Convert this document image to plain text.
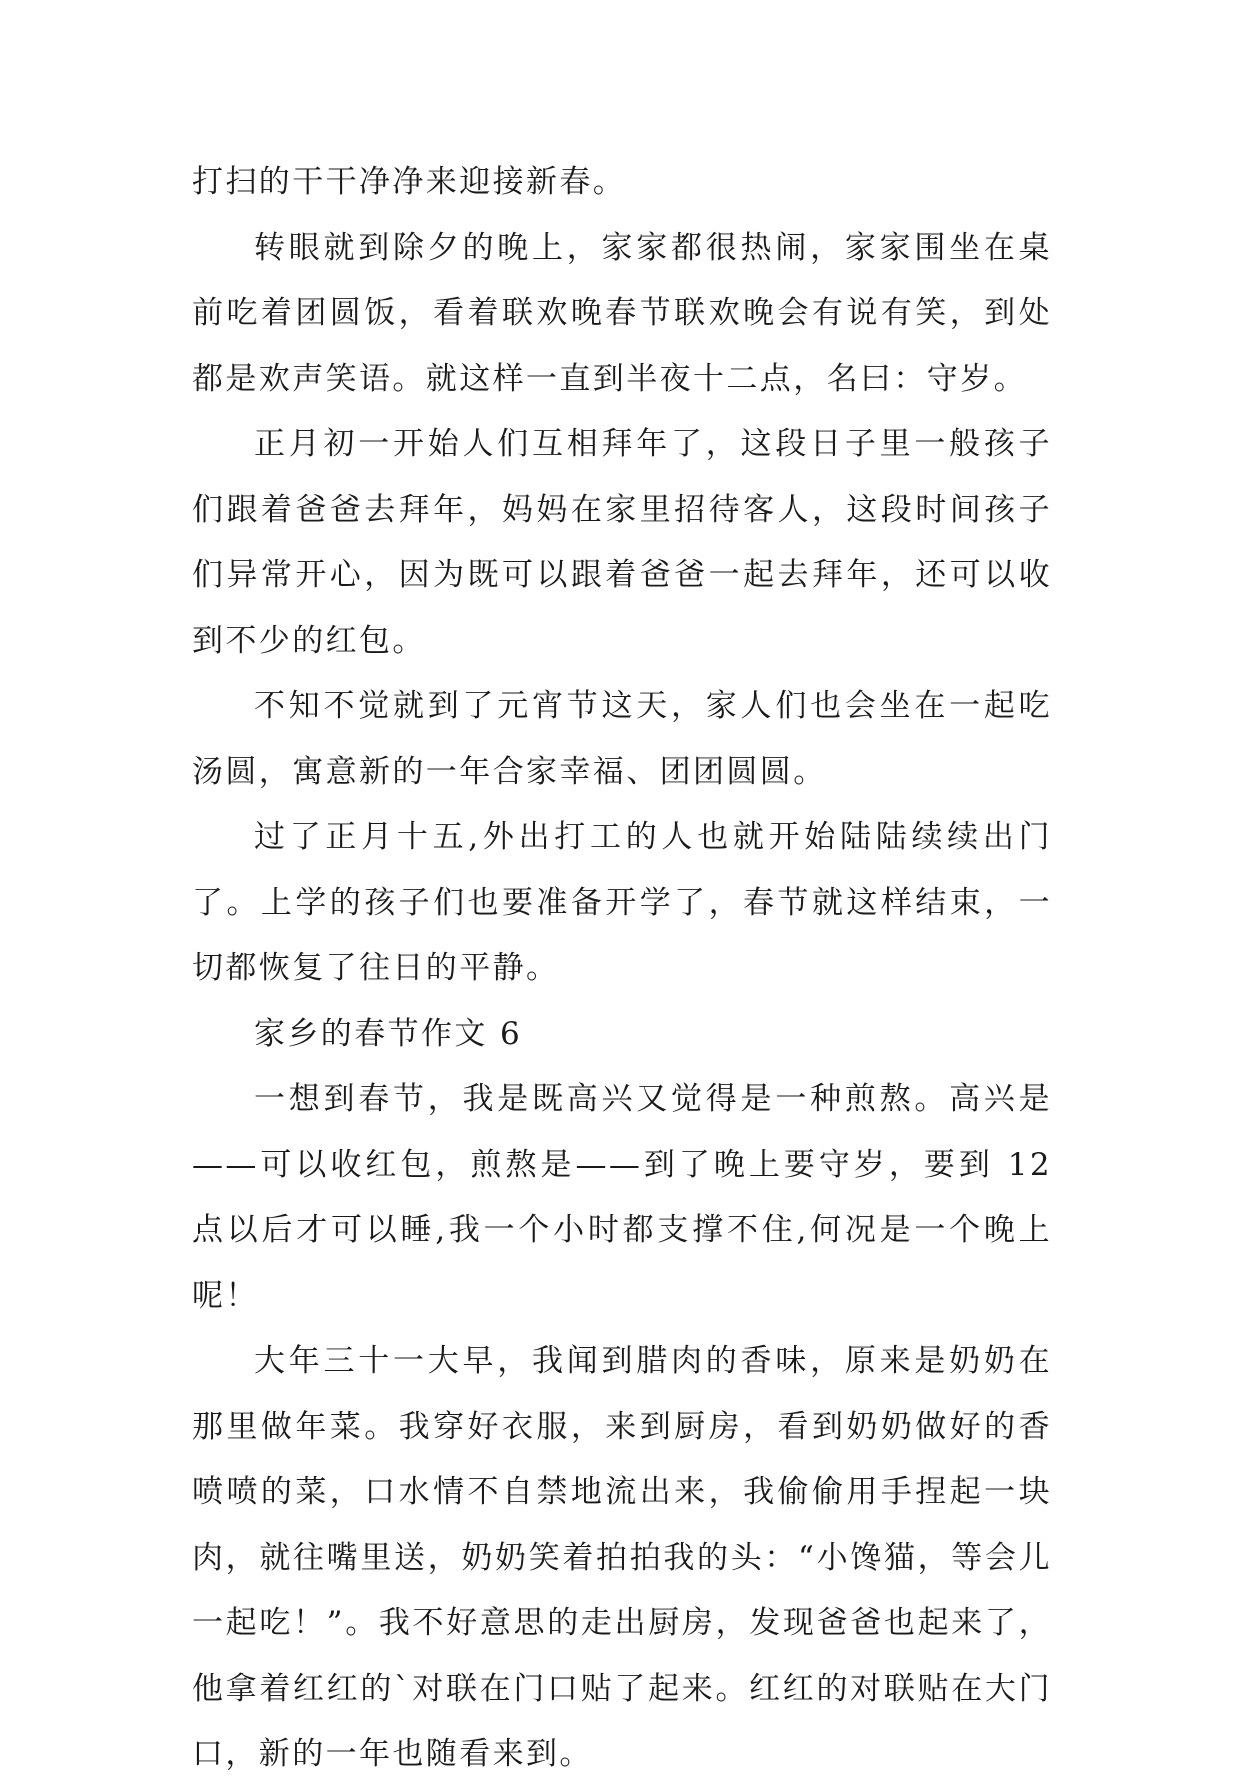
打扫的干干净净来迎接新春。

转眼就到除夕的晚上，家家都很热闹，家家围坐在桌前吃着团圆饭，看着联欢晚春节联欢晚会有说有笑，到处都是欢声笑语。就这样一直到半夜十二点，名曰：守岁。

正月初一开始人们互相拜年了，这段日子里一般孩子们跟着爸爸去拜年，妈妈在家里招待客人，这段时间孩子们异常开心，因为既可以跟着爸爸一起去拜年，还可以收到不少的红包。

不知不觉就到了元宵节这天，家人们也会坐在一起吃汤圆，寓意新的一年合家幸福、团团圆圆。

过了正月十五,外出打工的人也就开始陆陆续续出门了。上学的孩子们也要准备开学了，春节就这样结束，一切都恢复了往日的平静。

家乡的春节作文 6

一想到春节，我是既高兴又觉得是一种煎熬。高兴是——可以收红包，煎熬是——到了晚上要守岁，要到 12 点以后才可以睡,我一个小时都支撑不住,何况是一个晚上呢！

大年三十一大早，我闻到腊肉的香味，原来是奶奶在那里做年菜。我穿好衣服，来到厨房，看到奶奶做好的香喷喷的菜，口水情不自禁地流出来，我偷偷用手捏起一块肉，就往嘴里送，奶奶笑着拍拍我的头：“小馋猫，等会儿一起吃！”。我不好意思的走出厨房，发现爸爸也起来了，他拿着红红的`对联在门口贴了起来。红红的对联贴在大门口，新的一年也随看来到。
